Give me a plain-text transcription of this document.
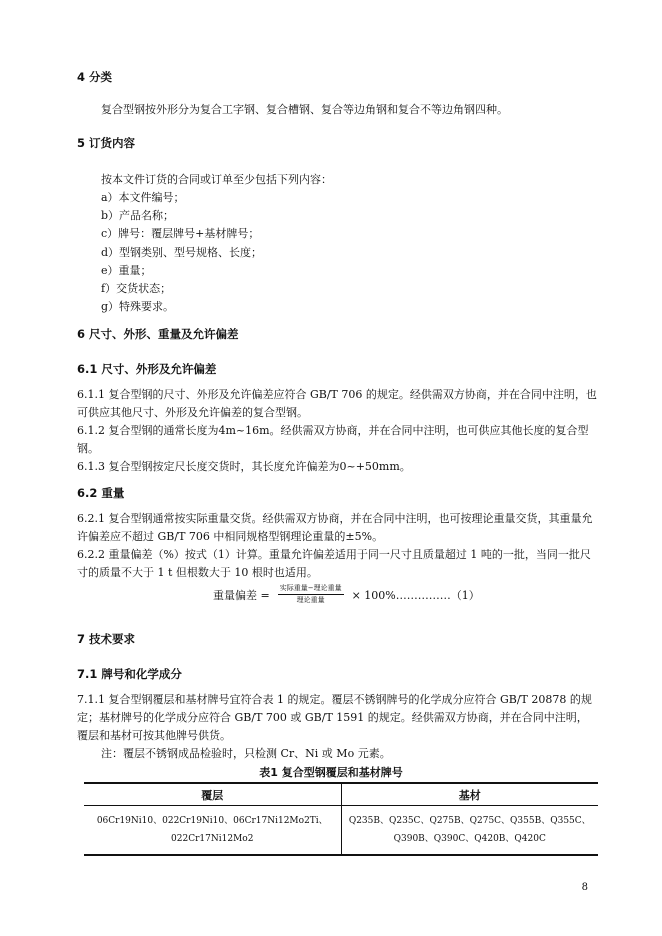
4 分类
复合型钢按外形分为复合工字钢、复合槽钢、复合等边角钢和复合不等边角钢四种。
5 订货内容
按本文件订货的合同或订单至少包括下列内容：
a）本文件编号；
b）产品名称；
c）牌号：覆层牌号+基材牌号；
d）型钢类别、型号规格、长度；
e）重量；
f）交货状态；
g）特殊要求。
6 尺寸、外形、重量及允许偏差
6.1 尺寸、外形及允许偏差
6.1.1 复合型钢的尺寸、外形及允许偏差应符合 GB/T 706 的规定。经供需双方协商，并在合同中注明，也可供应其他尺寸、外形及允许偏差的复合型钢。
6.1.2 复合型钢的通常长度为4m~16m。经供需双方协商，并在合同中注明，也可供应其他长度的复合型钢。
6.1.3 复合型钢按定尺长度交货时，其长度允许偏差为0~+50mm。
6.2 重量
6.2.1 复合型钢通常按实际重量交货。经供需双方协商，并在合同中注明，也可按理论重量交货，其重量允许偏差应不超过 GB/T 706 中相同规格型钢理论重量的±5%。
6.2.2 重量偏差（%）按式（1）计算。重量允许偏差适用于同一尺寸且质量超过 1 吨的一批，当同一批尺寸的质量不大于 1 t 但根数大于 10 根时也适用。
重量偏差 = $\frac{\text{实际重量−理论重量}}{\text{理论重量}}$ × 100%……………（1）
7 技术要求
7.1 牌号和化学成分
7.1.1 复合型钢覆层和基材牌号宜符合表 1 的规定。覆层不锈钢牌号的化学成分应符合 GB/T 20878 的规定；基材牌号的化学成分应符合 GB/T 700 或 GB/T 1591 的规定。经供需双方协商，并在合同中注明，覆层和基材可按其他牌号供货。
注：覆层不锈钢成品检验时，只检测 Cr、Ni 或 Mo 元素。
表1 复合型钢覆层和基材牌号
覆层	基材
06Cr19Ni10、022Cr19Ni10、06Cr17Ni12Mo2Ti、022Cr17Ni12Mo2	Q235B、Q235C、Q275B、Q275C、Q355B、Q355C、Q390B、Q390C、Q420B、Q420C
8
